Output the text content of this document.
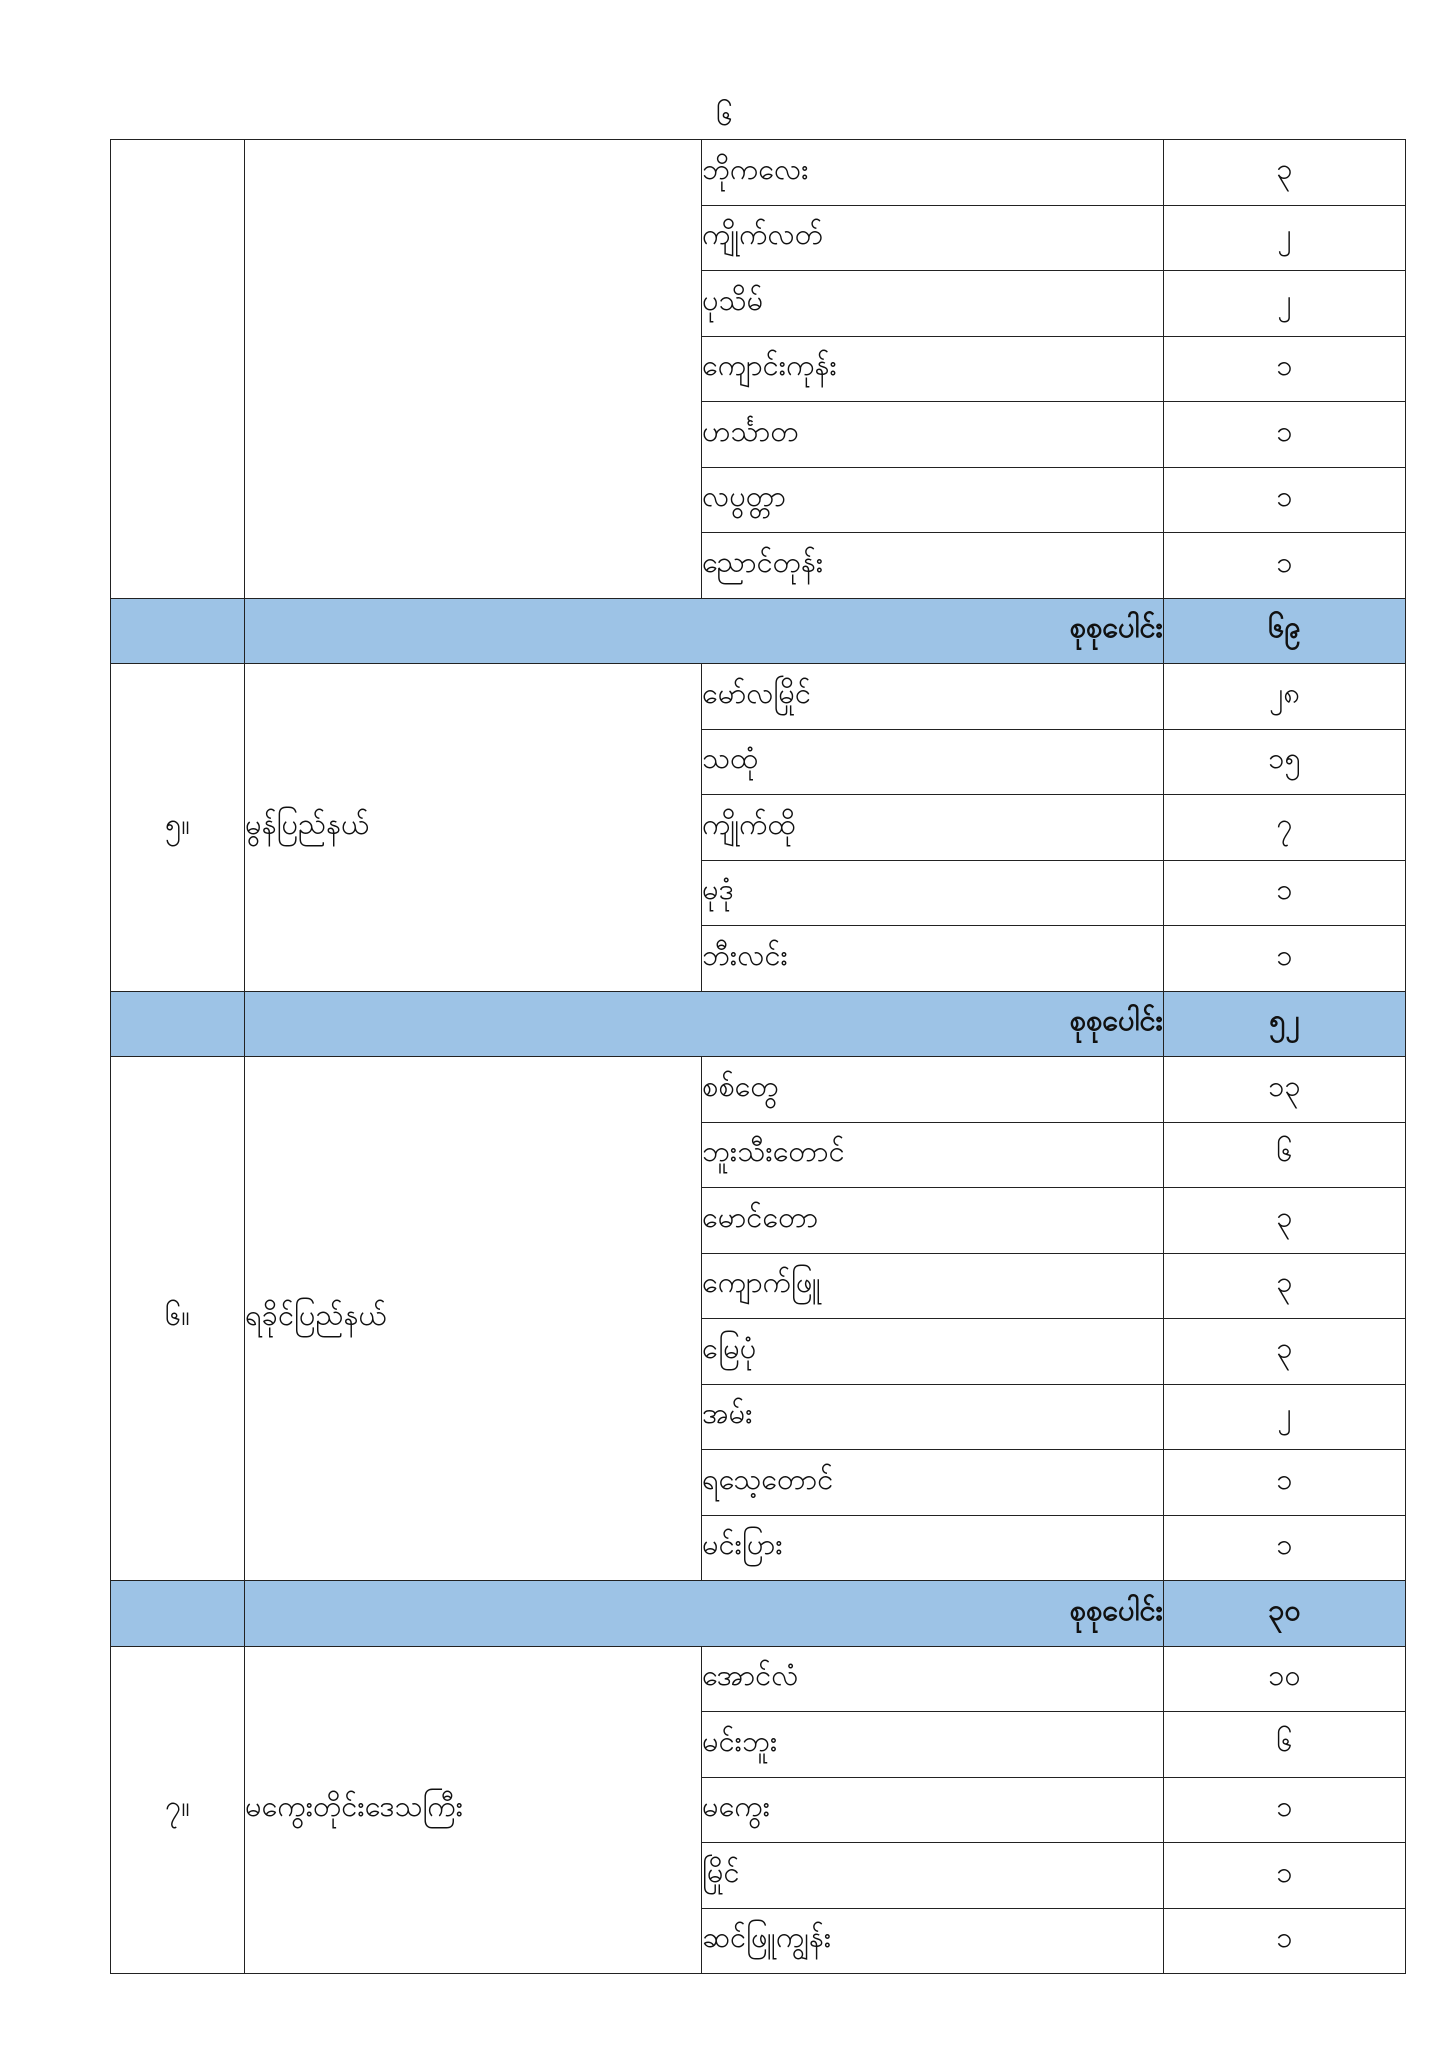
၆
		ဘိုကလေး	၃
		ကျိုက်လတ်	၂
		ပုသိမ်	၂
		ကျောင်းကုန်း	၁
		ဟင်္သာတ	၁
		လပွတ္တာ	၁
		ညောင်တုန်း	၁
	စုစုပေါင်း		၆၉
၅။	မွန်ပြည်နယ်	မော်လမြိုင်	၂၈
		သထုံ	၁၅
		ကျိုက်ထို	၇
		မုဒုံ	၁
		ဘီးလင်း	၁
	စုစုပေါင်း		၅၂
၆။	ရခိုင်ပြည်နယ်	စစ်တွေ	၁၃
		ဘူးသီးတောင်	၆
		မောင်တော	၃
		ကျောက်ဖြူ	၃
		မြေပုံ	၃
		အမ်း	၂
		ရသေ့တောင်	၁
		မင်းပြား	၁
	စုစုပေါင်း		၃၀
၇။	မကွေးတိုင်းဒေသကြီး	အောင်လံ	၁၀
		မင်းဘူး	၆
		မကွေး	၁
		မြိုင်	၁
		ဆင်ဖြူကျွန်း	၁
